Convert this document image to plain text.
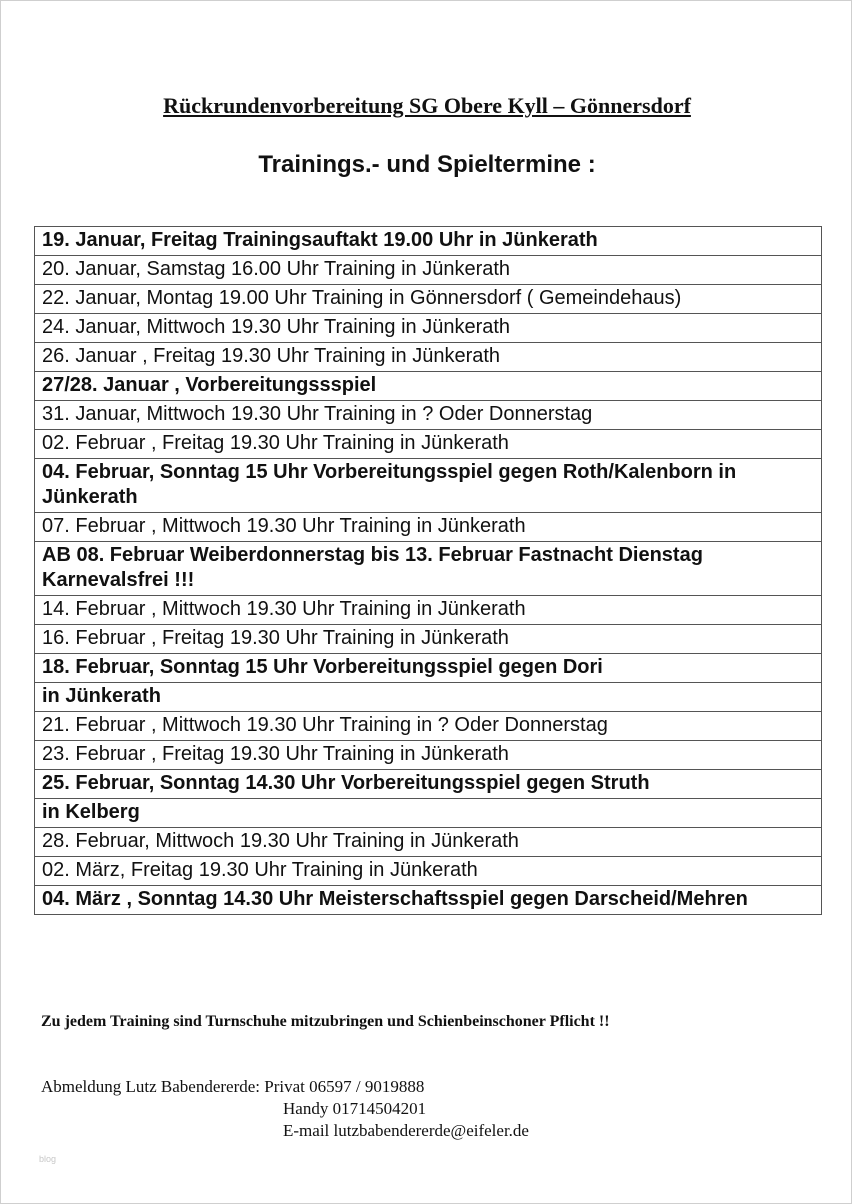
Rückrundenvorbereitung SG Obere Kyll – Gönnersdorf
Trainings.- und Spieltermine :
19. Januar, Freitag Trainingsauftakt 19.00 Uhr in Jünkerath
20. Januar, Samstag 16.00 Uhr Training in Jünkerath
22. Januar, Montag 19.00 Uhr Training in Gönnersdorf ( Gemeindehaus)
24. Januar, Mittwoch 19.30 Uhr Training in Jünkerath
26. Januar , Freitag 19.30 Uhr Training in Jünkerath
27/28. Januar , Vorbereitungssspiel
31. Januar, Mittwoch 19.30 Uhr Training in ? Oder Donnerstag
02. Februar , Freitag 19.30 Uhr Training in Jünkerath
04. Februar, Sonntag 15 Uhr Vorbereitungsspiel gegen Roth/Kalenborn in Jünkerath
07. Februar , Mittwoch 19.30 Uhr Training in Jünkerath
AB 08. Februar Weiberdonnerstag bis 13. Februar Fastnacht Dienstag Karnevalsfrei !!!
14. Februar , Mittwoch 19.30 Uhr Training in Jünkerath
16. Februar , Freitag 19.30 Uhr Training in Jünkerath
18. Februar, Sonntag 15 Uhr Vorbereitungsspiel gegen Dori
in Jünkerath
21. Februar , Mittwoch 19.30 Uhr Training in ? Oder Donnerstag
23. Februar , Freitag 19.30 Uhr Training in Jünkerath
25. Februar, Sonntag 14.30 Uhr Vorbereitungsspiel gegen Struth
in Kelberg
28. Februar, Mittwoch 19.30 Uhr Training in Jünkerath
02. März, Freitag 19.30 Uhr Training in Jünkerath
04. März , Sonntag 14.30 Uhr Meisterschaftsspiel gegen Darscheid/Mehren
Zu jedem Training sind Turnschuhe mitzubringen und Schienbeinschoner Pflicht !!
Abmeldung Lutz Babendererde: Privat 06597 / 9019888
Handy 01714504201
E-mail lutzbabendererde@eifeler.de
blog
